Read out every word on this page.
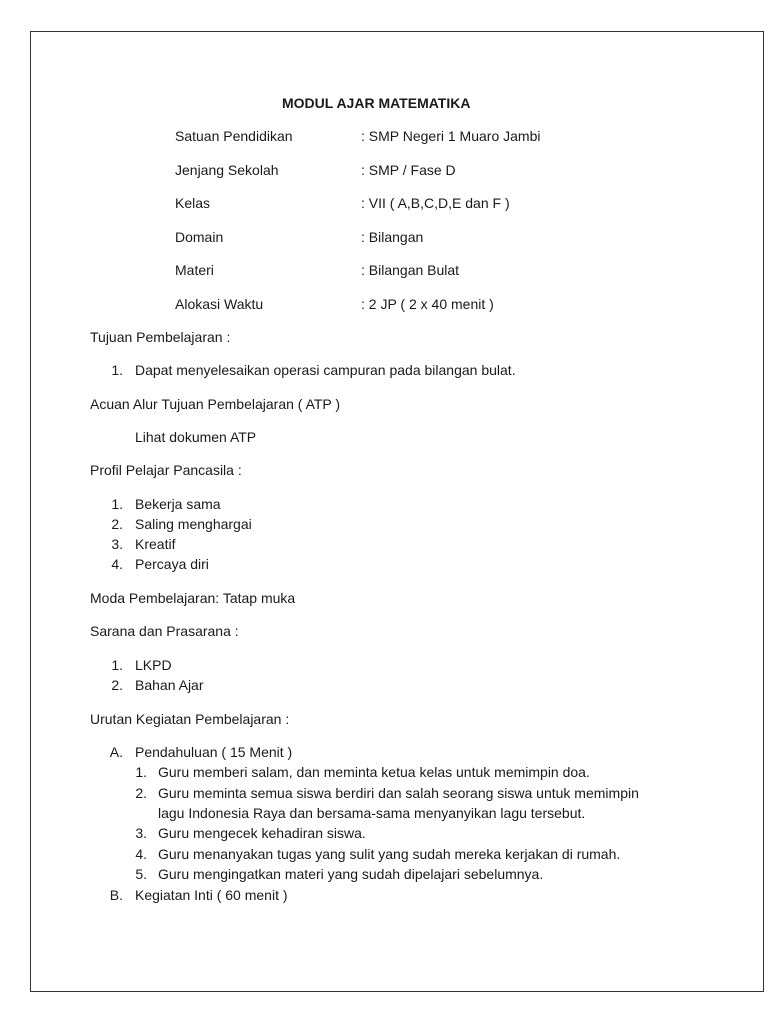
MODUL AJAR MATEMATIKA
Satuan Pendidikan	: SMP Negeri 1 Muaro Jambi
Jenjang Sekolah	: SMP / Fase D
Kelas	: VII ( A,B,C,D,E dan F )
Domain	: Bilangan
Materi	: Bilangan Bulat
Alokasi Waktu	: 2 JP ( 2 x 40 menit )
Tujuan Pembelajaran :
1. Dapat menyelesaikan operasi campuran pada bilangan bulat.
Acuan Alur Tujuan Pembelajaran ( ATP )
Lihat dokumen ATP
Profil Pelajar Pancasila :
1. Bekerja sama
2. Saling menghargai
3. Kreatif
4. Percaya diri
Moda Pembelajaran: Tatap muka
Sarana dan Prasarana :
1. LKPD
2. Bahan Ajar
Urutan Kegiatan Pembelajaran :
A. Pendahuluan ( 15 Menit )
1. Guru memberi salam, dan meminta ketua kelas untuk memimpin doa.
2. Guru meminta semua siswa berdiri dan salah seorang siswa untuk memimpin
lagu Indonesia Raya dan bersama-sama menyanyikan lagu tersebut.
3. Guru mengecek kehadiran siswa.
4. Guru menanyakan tugas yang sulit yang sudah mereka kerjakan di rumah.
5. Guru mengingatkan materi yang sudah dipelajari sebelumnya.
B. Kegiatan Inti ( 60 menit )
